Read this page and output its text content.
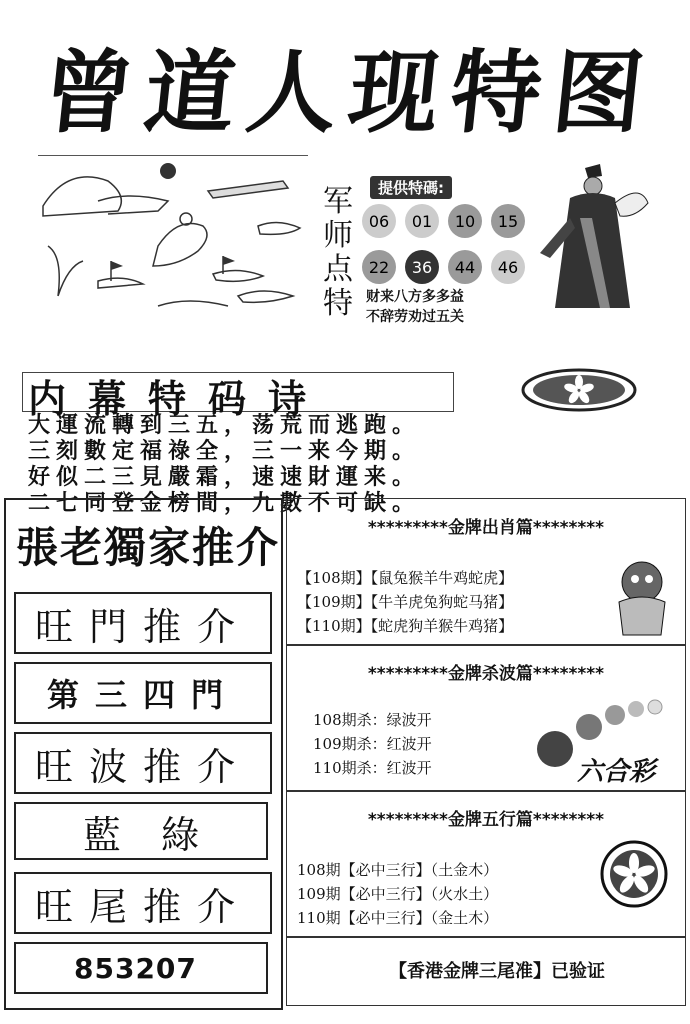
曾
道
人
现
特
图
军
师
点
特
提供特碼:
06	01	10	15
22	36	44	46
财来八方多多益
不辞劳劝过五关
内 幕 特 码 诗
大運流轉到三五，荡荒而逃跑。
三刻數定福祿全，三一来今期。
好似二三見嚴霜，速速財運来。
二七同登金榜間，九數不可缺。
張老獨家推介
旺門推介
第三四門
旺波推介
藍綠
旺尾推介
853207
*********金牌出肖篇********
【108期】【鼠兔猴羊牛鸡蛇虎】
【109期】【牛羊虎兔狗蛇马猪】
【110期】【蛇虎狗羊猴牛鸡猪】
*********金牌杀波篇********
108期杀：绿波开
109期杀：红波开
110期杀：红波开	六合彩
*********金牌五行篇********
108期【必中三行】（土金木）
109期【必中三行】（火水土）
110期【必中三行】（金土木）
【香港金牌三尾准】已验证
